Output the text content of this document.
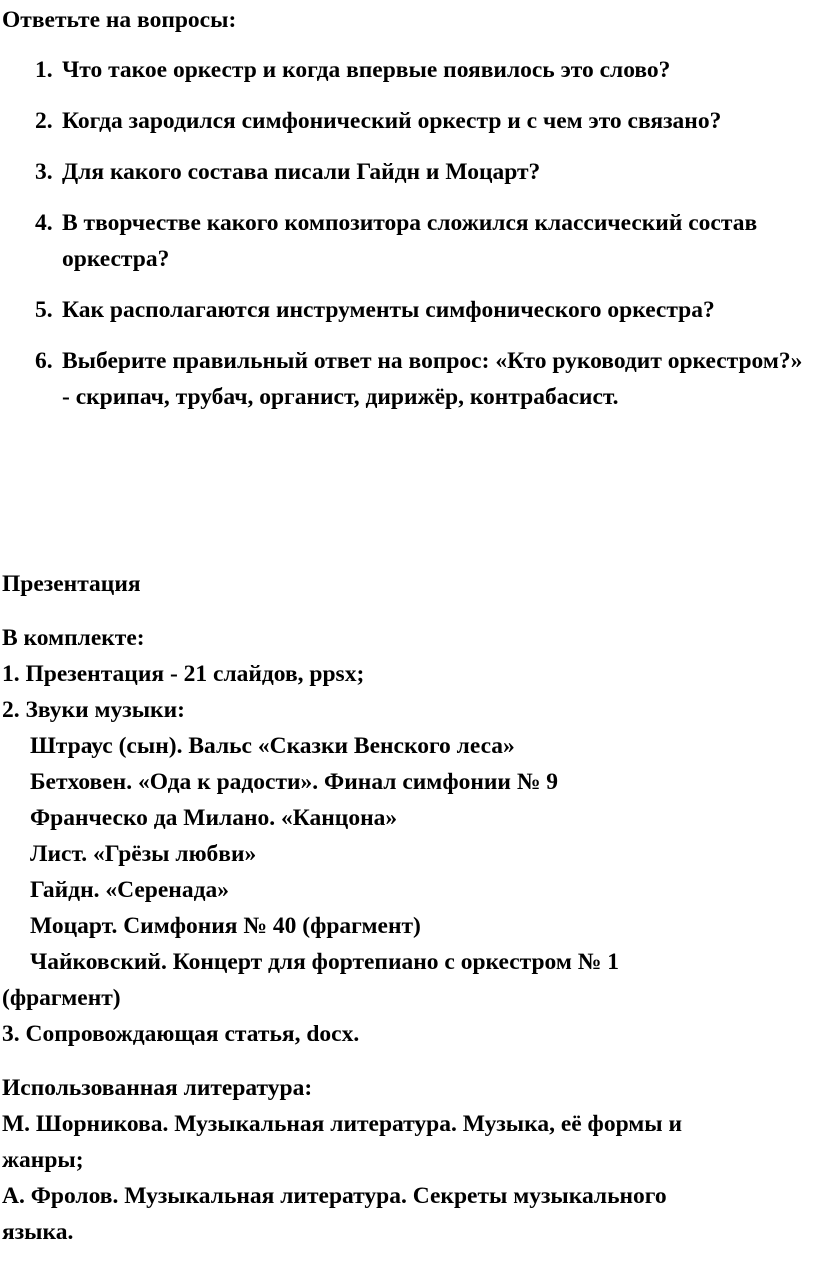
Ответьте на вопросы:
1. Что такое оркестр и когда впервые появилось это слово?
2. Когда зародился симфонический оркестр и с чем это связано?
3. Для какого состава писали Гайдн и Моцарт?
4. В творчестве какого композитора сложился классический состав оркестра?
5. Как располагаются инструменты симфонического оркестра?
6. Выберите правильный ответ на вопрос: «Кто руководит оркестром?» - скрипач, трубач, органист, дирижёр, контрабасист.
Презентация
В комплекте:
1. Презентация - 21 слайдов, ppsx;
2. Звуки музыки:
Штраус (сын). Вальс «Сказки Венского леса»
Бетховен. «Ода к радости». Финал симфонии № 9
Франческо да Милано. «Канцона»
Лист. «Грёзы любви»
Гайдн. «Серенада»
Моцарт. Симфония № 40 (фрагмент)
Чайковский. Концерт для фортепиано с оркестром № 1
(фрагмент)
3. Сопровождающая статья, docx.
Использованная литература:
М. Шорникова. Музыкальная литература. Музыка, её формы и
жанры;
А. Фролов. Музыкальная литература. Секреты музыкального
языка.
